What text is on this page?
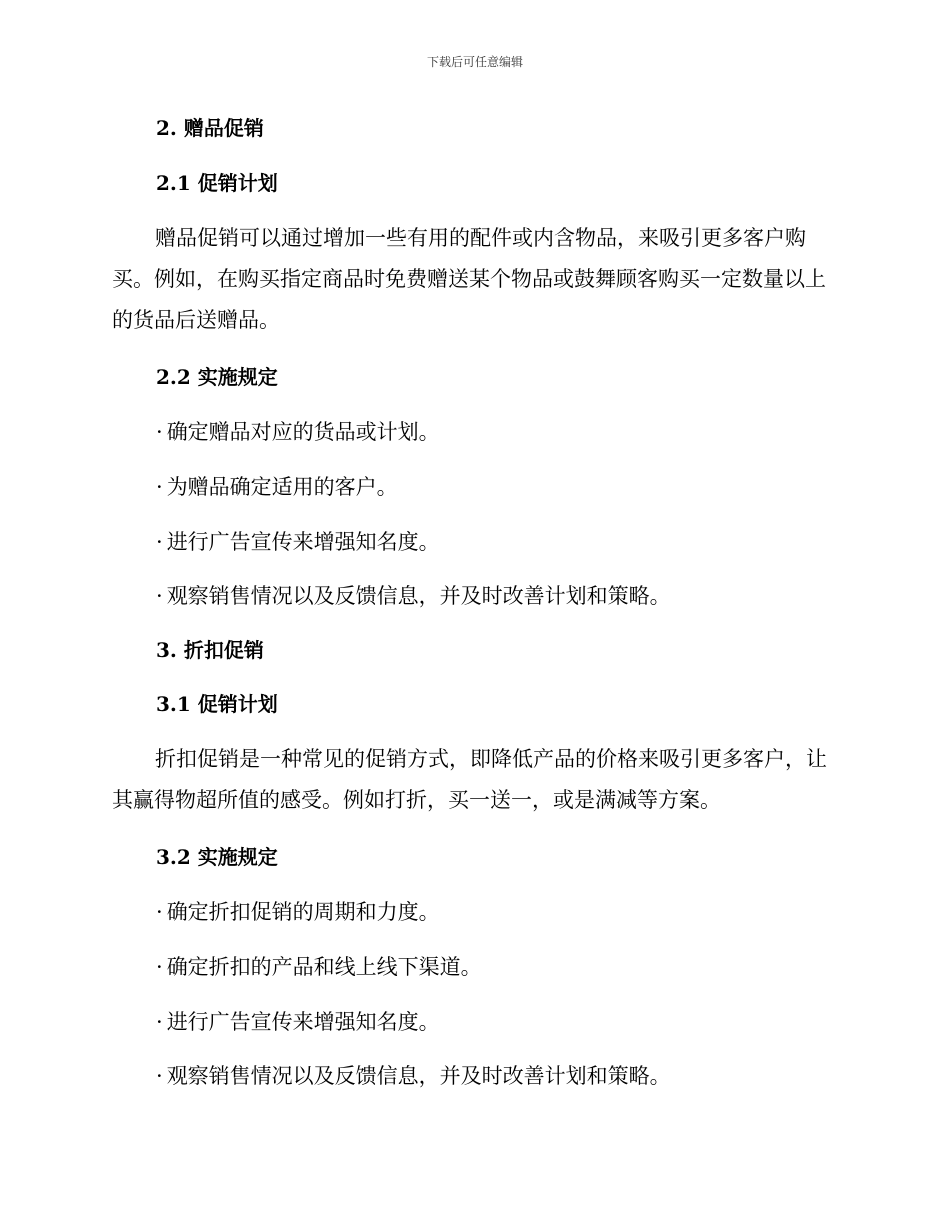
下载后可任意编辑
2. 赠品促销
2.1 促销计划

赠品促销可以通过增加一些有用的配件或内含物品，来吸引更多客户购买。例如，在购买指定商品时免费赠送某个物品或鼓舞顾客购买一定数量以上的货品后送赠品。

2.2 实施规定
· 确定赠品对应的货品或计划。
· 为赠品确定适用的客户。
· 进行广告宣传来增强知名度。
· 观察销售情况以及反馈信息，并及时改善计划和策略。
3. 折扣促销
3.1 促销计划

折扣促销是一种常见的促销方式，即降低产品的价格来吸引更多客户，让其赢得物超所值的感受。例如打折，买一送一，或是满减等方案。

3.2 实施规定
· 确定折扣促销的周期和力度。
· 确定折扣的产品和线上线下渠道。
· 进行广告宣传来增强知名度。
· 观察销售情况以及反馈信息，并及时改善计划和策略。
